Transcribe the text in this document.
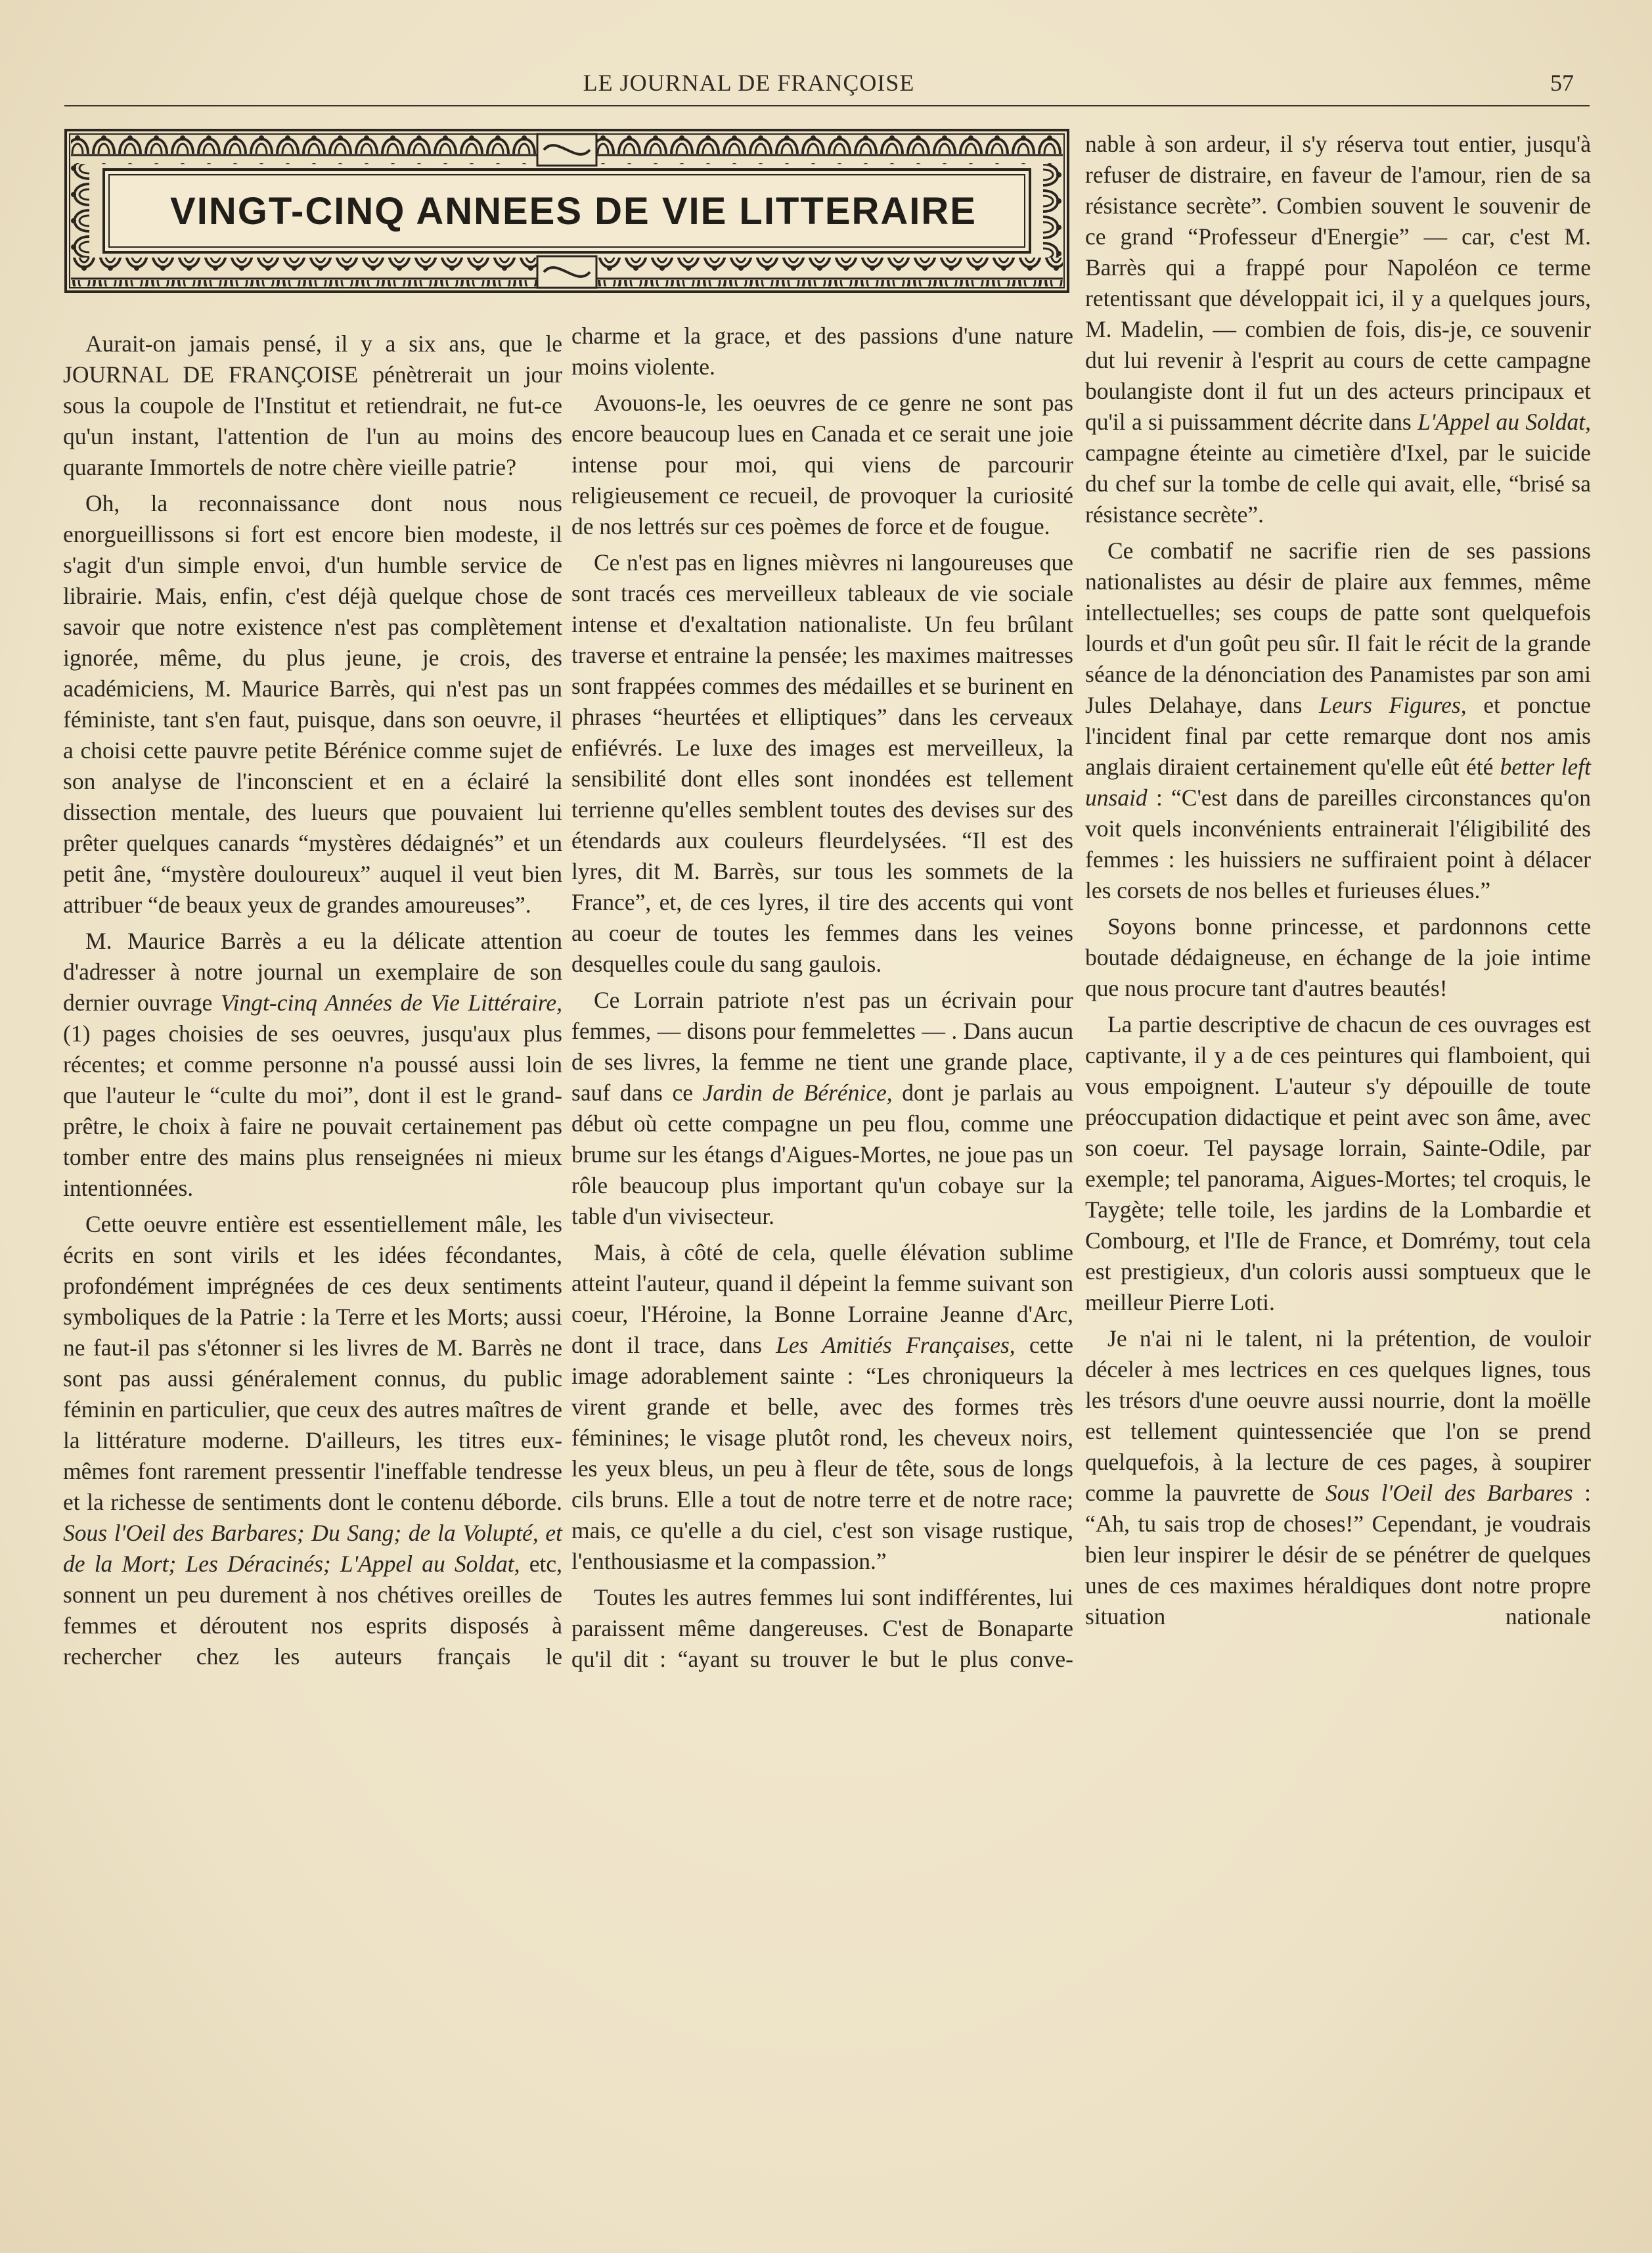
LE JOURNAL DE FRANÇOISE	57
VINGT-CINQ ANNEES DE VIE LITTERAIRE

Aurait-on jamais pensé, il y a six ans, que le JOURNAL DE FRANÇOISE pénètrerait un jour sous la coupole de l'Institut et retiendrait, ne fut-ce qu'un instant, l'attention de l'un au moins des quarante Immortels de notre chère vieille patrie?

Oh, la reconnaissance dont nous nous enorgueillissons si fort est encore bien modeste, il s'agit d'un simple envoi, d'un humble service de librairie. Mais, enfin, c'est déjà quelque chose de savoir que notre existence n'est pas complètement ignorée, même, du plus jeune, je crois, des académiciens, M. Maurice Barrès, qui n'est pas un féministe, tant s'en faut, puisque, dans son oeuvre, il a choisi cette pauvre petite Bérénice comme sujet de son analyse de l'inconscient et en a éclairé la dissection mentale, des lueurs que pouvaient lui prêter quelques canards “mystères dédaignés” et un petit âne, “mystère douloureux” auquel il veut bien attribuer “de beaux yeux de grandes amoureuses”.

M. Maurice Barrès a eu la délicate attention d'adresser à notre journal un exemplaire de son dernier ouvrage Vingt-cinq Années de Vie Littéraire, (1) pages choisies de ses oeuvres, jusqu'aux plus récentes; et comme personne n'a poussé aussi loin que l'auteur le “culte du moi”, dont il est le grand-prêtre, le choix à faire ne pouvait certainement pas tomber entre des mains plus renseignées ni mieux intentionnées.

Cette oeuvre entière est essentiellement mâle, les écrits en sont virils et les idées fécondantes, profondément imprégnées de ces deux sentiments symboliques de la Patrie : la Terre et les Morts; aussi ne faut-il pas s'étonner si les livres de M. Barrès ne sont pas aussi généralement connus, du public féminin en particulier, que ceux des autres maîtres de la littérature moderne. D'ailleurs, les titres eux-mêmes font rarement pressentir l'ineffable tendresse et la richesse de sentiments dont le contenu déborde. Sous l'Oeil des Barbares; Du Sang; de la Volupté, et de la Mort; Les Déracinés; L'Appel au Soldat, etc, sonnent un peu durement à nos chétives oreilles de femmes et déroutent nos esprits disposés à rechercher chez les auteurs français le

charme et la grace, et des passions d'une nature moins violente.

Avouons-le, les oeuvres de ce genre ne sont pas encore beaucoup lues en Canada et ce serait une joie intense pour moi, qui viens de parcourir religieusement ce recueil, de provoquer la curiosité de nos lettrés sur ces poèmes de force et de fougue.

Ce n'est pas en lignes mièvres ni langoureuses que sont tracés ces merveilleux tableaux de vie sociale intense et d'exaltation nationaliste. Un feu brûlant traverse et entraine la pensée; les maximes maitresses sont frappées commes des médailles et se burinent en phrases “heurtées et elliptiques” dans les cerveaux enfiévrés. Le luxe des images est merveilleux, la sensibilité dont elles sont inondées est tellement terrienne qu'elles semblent toutes des devises sur des étendards aux couleurs fleurdelysées. “Il est des lyres, dit M. Barrès, sur tous les sommets de la France”, et, de ces lyres, il tire des accents qui vont au coeur de toutes les femmes dans les veines desquelles coule du sang gaulois.

Ce Lorrain patriote n'est pas un écrivain pour femmes, — disons pour femmelettes — . Dans aucun de ses livres, la femme ne tient une grande place, sauf dans ce Jardin de Bérénice, dont je parlais au début où cette compagne un peu flou, comme une brume sur les étangs d'Aigues-Mortes, ne joue pas un rôle beaucoup plus important qu'un cobaye sur la table d'un vivisecteur.

Mais, à côté de cela, quelle élévation sublime atteint l'auteur, quand il dépeint la femme suivant son coeur, l'Héroine, la Bonne Lorraine Jeanne d'Arc, dont il trace, dans Les Amitiés Françaises, cette image adorablement sainte : “Les chroniqueurs la virent grande et belle, avec des formes très féminines; le visage plutôt rond, les cheveux noirs, les yeux bleus, un peu à fleur de tête, sous de longs cils bruns. Elle a tout de notre terre et de notre race; mais, ce qu'elle a du ciel, c'est son visage rustique, l'enthousiasme et la compassion.”

Toutes les autres femmes lui sont indifférentes, lui paraissent même dangereuses. C'est de Bonaparte qu'il dit : “ayant su trouver le but le plus conve-

nable à son ardeur, il s'y réserva tout entier, jusqu'à refuser de distraire, en faveur de l'amour, rien de sa résistance secrète”. Combien souvent le souvenir de ce grand “Professeur d'Energie” — car, c'est M. Barrès qui a frappé pour Napoléon ce terme retentissant que développait ici, il y a quelques jours, M. Madelin, — combien de fois, dis-je, ce souvenir dut lui revenir à l'esprit au cours de cette campagne boulangiste dont il fut un des acteurs principaux et qu'il a si puissamment décrite dans L'Appel au Soldat, campagne éteinte au cimetière d'Ixel, par le suicide du chef sur la tombe de celle qui avait, elle, “brisé sa résistance secrète”.

Ce combatif ne sacrifie rien de ses passions nationalistes au désir de plaire aux femmes, même intellectuelles; ses coups de patte sont quelquefois lourds et d'un goût peu sûr. Il fait le récit de la grande séance de la dénonciation des Panamistes par son ami Jules Delahaye, dans Leurs Figures, et ponctue l'incident final par cette remarque dont nos amis anglais diraient certainement qu'elle eût été better left unsaid : “C'est dans de pareilles circonstances qu'on voit quels inconvénients entrainerait l'éligibilité des femmes : les huissiers ne suffiraient point à délacer les corsets de nos belles et furieuses élues.”

Soyons bonne princesse, et pardonnons cette boutade dédaigneuse, en échange de la joie intime que nous procure tant d'autres beautés!

La partie descriptive de chacun de ces ouvrages est captivante, il y a de ces peintures qui flamboient, qui vous empoignent. L'auteur s'y dépouille de toute préoccupation didactique et peint avec son âme, avec son coeur. Tel paysage lorrain, Sainte-Odile, par exemple; tel panorama, Aigues-Mortes; tel croquis, le Taygète; telle toile, les jardins de la Lombardie et Combourg, et l'Ile de France, et Domrémy, tout cela est prestigieux, d'un coloris aussi somptueux que le meilleur Pierre Loti.

Je n'ai ni le talent, ni la prétention, de vouloir déceler à mes lectrices en ces quelques lignes, tous les trésors d'une oeuvre aussi nourrie, dont la moëlle est tellement quintessenciée que l'on se prend quelquefois, à la lecture de ces pages, à soupirer comme la pauvrette de Sous l'Oeil des Barbares : “Ah, tu sais trop de choses!” Cependant, je voudrais bien leur inspirer le désir de se pénétrer de quelques unes de ces maximes héraldiques dont notre propre situation nationale
